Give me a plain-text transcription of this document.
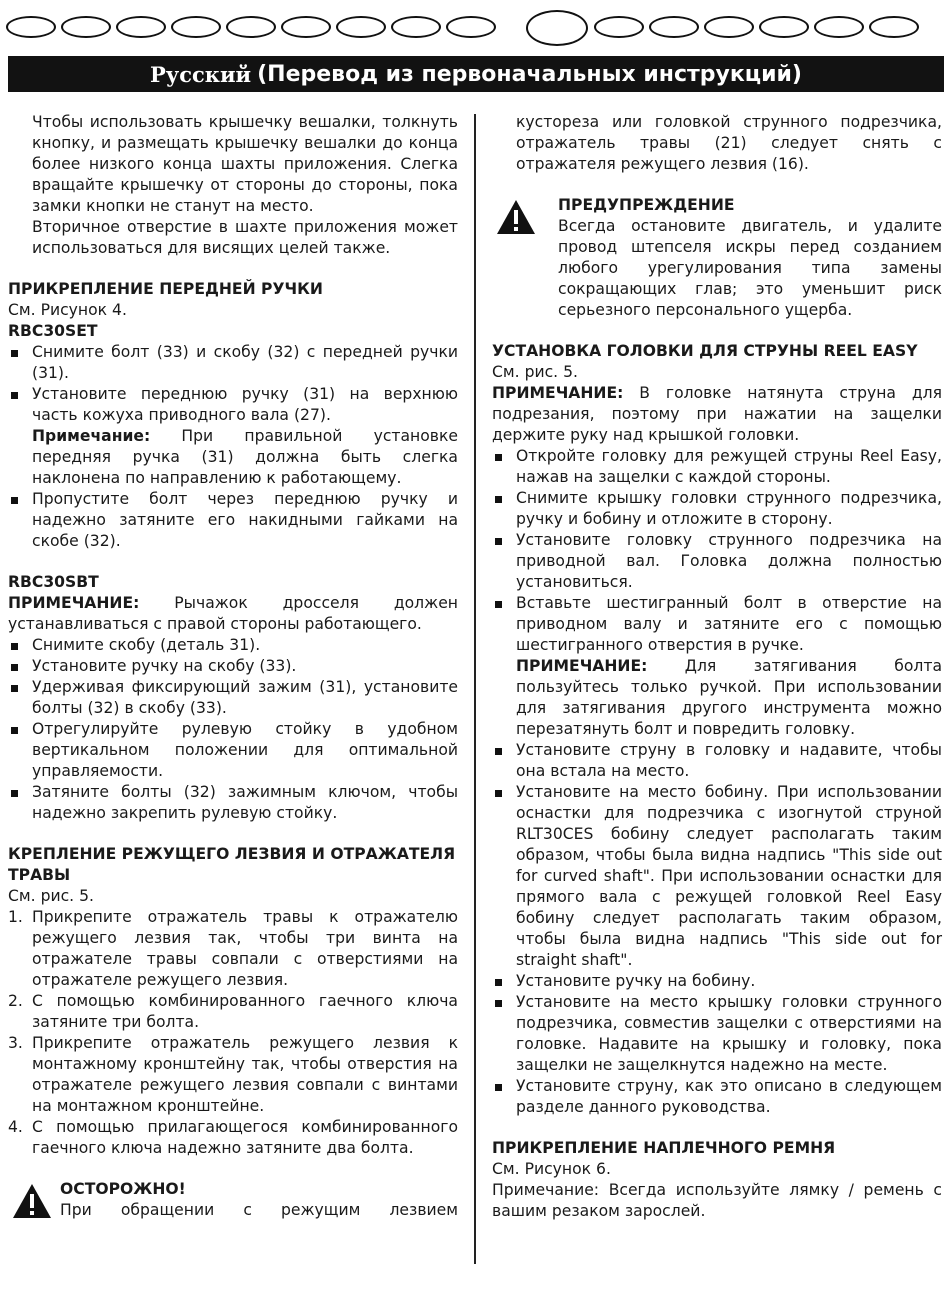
Русский (Перевод из первоначальных инструкций)

Чтобы использовать крышечку вешалки, толкнуть кнопку, и размещать крышечку вешалки до конца более низкого конца шахты приложения. Слегка вращайте крышечку от стороны до стороны, пока замки кнопки не станут на место.

Вторичное отверстие в шахте приложения может использоваться для висящих целей также.

ПРИКРЕПЛЕНИЕ ПЕРЕДНЕЙ РУЧКИ

См. Рисунок 4.

RBC30SET

Снимите болт (33) и скобу (32) с передней ручки (31).
Установите переднюю ручку (31) на верхнюю часть кожуха приводного вала (27).
Примечание: При правильной установке передняя ручка (31) должна быть слегка наклонена по направлению к работающему.
Пропустите болт через переднюю ручку и надежно затяните его накидными гайками на скобе (32).

RBC30SBT

ПРИМЕЧАНИЕ: Рычажок дросселя должен устанавливаться с правой стороны работающего.

Снимите скобу (деталь 31).
Установите ручку на скобу (33).
Удерживая фиксирующий зажим (31), установите болты (32) в скобу (33).
Отрегулируйте рулевую стойку в удобном вертикальном положении для оптимальной управляемости.
Затяните болты (32) зажимным ключом, чтобы надежно закрепить рулевую стойку.
КРЕПЛЕНИЕ РЕЖУЩЕГО ЛЕЗВИЯ И ОТРАЖАТЕЛЯ ТРАВЫ

См. рис. 5.

1. Прикрепите отражатель травы к отражателю режущего лезвия так, чтобы три винта на отражателе травы совпали с отверстиями на отражателе режущего лезвия.
2. С помощью комбинированного гаечного ключа затяните три болта.
3. Прикрепите отражатель режущего лезвия к монтажному кронштейну так, чтобы отверстия на отражателе режущего лезвия совпали с винтами на монтажном кронштейне.
4. С помощью прилагающегося комбинированного гаечного ключа надежно затяните два болта.

ОСТОРОЖНО!

При обращении с режущим лезвием

кустореза или головкой струнного подрезчика, отражатель травы (21) следует снять с отражателя режущего лезвия (16).

ПРЕДУПРЕЖДЕНИЕ

Всегда остановите двигатель, и удалите провод штепселя искры перед созданием любого урегулирования типа замены сокращающих глав; это уменьшит риск серьезного персонального ущерба.

УСТАНОВКА ГОЛОВКИ ДЛЯ СТРУНЫ REEL EASY

См. рис. 5.

ПРИМЕЧАНИЕ: В головке натянута струна для подрезания, поэтому при нажатии на защелки держите руку над крышкой головки.

Откройте головку для режущей струны Reel Easy, нажав на защелки с каждой стороны.
Снимите крышку головки струнного подрезчика, ручку и бобину и отложите в сторону.
Установите головку струнного подрезчика на приводной вал. Головка должна полностью установиться.
Вставьте шестигранный болт в отверстие на приводном валу и затяните его с помощью шестигранного отверстия в ручке.
ПРИМЕЧАНИЕ: Для затягивания болта пользуйтесь только ручкой. При использовании для затягивания другого инструмента можно перезатянуть болт и повредить головку.
Установите струну в головку и надавите, чтобы она встала на место.
Установите на место бобину. При использовании оснастки для подрезчика с изогнутой струной RLT30CES бобину следует располагать таким образом, чтобы была видна надпись "This side out for curved shaft". При использовании оснастки для прямого вала с режущей головкой Reel Easy бобину следует располагать таким образом, чтобы была видна надпись "This side out for straight shaft".
Установите ручку на бобину.
Установите на место крышку головки струнного подрезчика, совместив защелки с отверстиями на головке. Надавите на крышку и головку, пока защелки не защелкнутся надежно на месте.
Установите струну, как это описано в следующем разделе данного руководства.
ПРИКРЕПЛЕНИЕ НАПЛЕЧНОГО РЕМНЯ

См. Рисунок 6.

Примечание: Всегда используйте лямку / ремень с вашим резаком зарослей.
